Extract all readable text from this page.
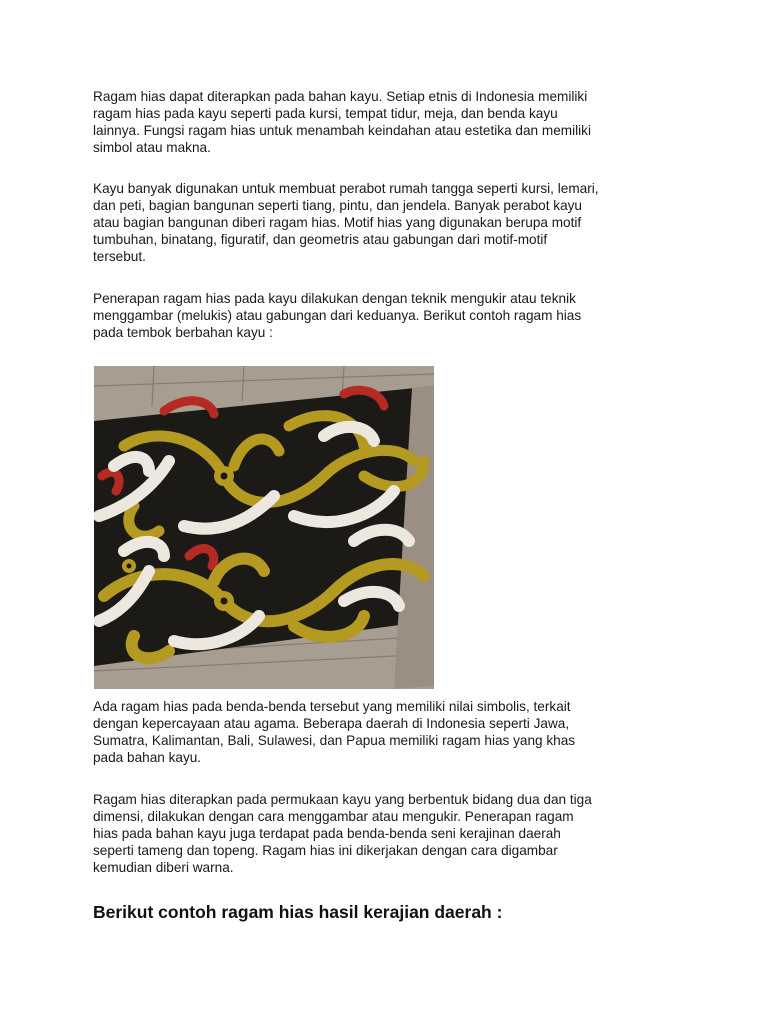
Ragam hias dapat diterapkan pada bahan kayu. Setiap etnis di Indonesia memiliki
ragam hias pada kayu seperti pada kursi, tempat tidur, meja, dan benda kayu
lainnya. Fungsi ragam hias untuk menambah keindahan atau estetika dan memiliki
simbol atau makna.

Kayu banyak digunakan untuk membuat perabot rumah tangga seperti kursi, lemari,
dan peti, bagian bangunan seperti tiang, pintu, dan jendela. Banyak perabot kayu
atau bagian bangunan diberi ragam hias. Motif hias yang digunakan berupa motif
tumbuhan, binatang, figuratif, dan geometris atau gabungan dari motif-motif
tersebut.

Penerapan ragam hias pada kayu dilakukan dengan teknik mengukir atau teknik
menggambar (melukis) atau gabungan dari keduanya. Berikut contoh ragam hias
pada tembok berbahan kayu :

Ada ragam hias pada benda-benda tersebut yang memiliki nilai simbolis, terkait
dengan kepercayaan atau agama. Beberapa daerah di Indonesia seperti Jawa,
Sumatra, Kalimantan, Bali, Sulawesi, dan Papua memiliki ragam hias yang khas
pada bahan kayu.

Ragam hias diterapkan pada permukaan kayu yang berbentuk bidang dua dan tiga
dimensi, dilakukan dengan cara menggambar atau mengukir. Penerapan ragam
hias pada bahan kayu juga terdapat pada benda-benda seni kerajinan daerah
seperti tameng dan topeng. Ragam hias ini dikerjakan dengan cara digambar
kemudian diberi warna.

Berikut contoh ragam hias hasil kerajian daerah :
